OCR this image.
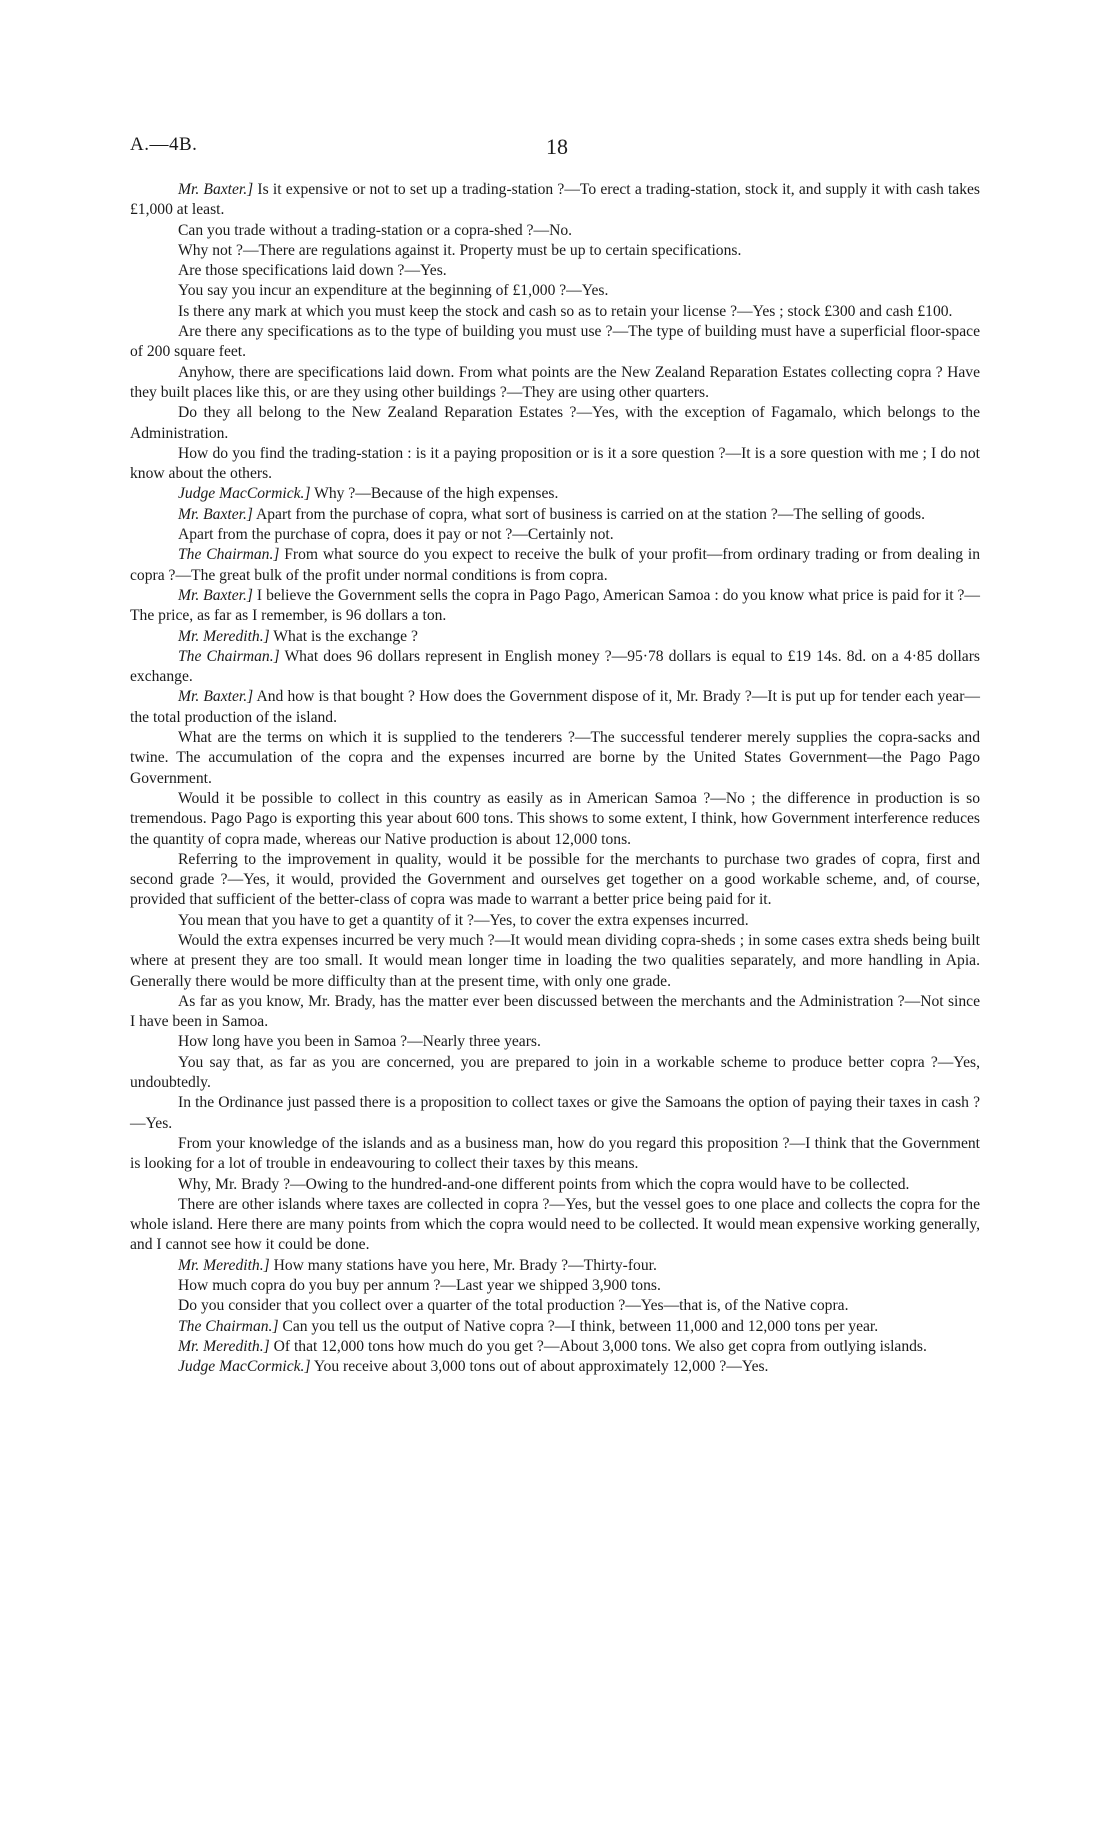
A.—4B.	18

Mr. Baxter.] Is it expensive or not to set up a trading-station ?—To erect a trading-station, stock it, and supply it with cash takes £1,000 at least.

Can you trade without a trading-station or a copra-shed ?—No.

Why not ?—There are regulations against it. Property must be up to certain specifications.

Are those specifications laid down ?—Yes.

You say you incur an expenditure at the beginning of £1,000 ?—Yes.

Is there any mark at which you must keep the stock and cash so as to retain your license ?—Yes ; stock £300 and cash £100.

Are there any specifications as to the type of building you must use ?—The type of building must have a superficial floor-space of 200 square feet.

Anyhow, there are specifications laid down. From what points are the New Zealand Reparation Estates collecting copra ? Have they built places like this, or are they using other buildings ?—They are using other quarters.

Do they all belong to the New Zealand Reparation Estates ?—Yes, with the exception of Fagamalo, which belongs to the Administration.

How do you find the trading-station : is it a paying proposition or is it a sore question ?—It is a sore question with me ; I do not know about the others.

Judge MacCormick.] Why ?—Because of the high expenses.

Mr. Baxter.] Apart from the purchase of copra, what sort of business is carried on at the station ?—The selling of goods.

Apart from the purchase of copra, does it pay or not ?—Certainly not.

The Chairman.] From what source do you expect to receive the bulk of your profit—from ordinary trading or from dealing in copra ?—The great bulk of the profit under normal conditions is from copra.

Mr. Baxter.] I believe the Government sells the copra in Pago Pago, American Samoa : do you know what price is paid for it ?—The price, as far as I remember, is 96 dollars a ton.

Mr. Meredith.] What is the exchange ?

The Chairman.] What does 96 dollars represent in English money ?—95·78 dollars is equal to £19 14s. 8d. on a 4·85 dollars exchange.

Mr. Baxter.] And how is that bought ? How does the Government dispose of it, Mr. Brady ?—It is put up for tender each year—the total production of the island.

What are the terms on which it is supplied to the tenderers ?—The successful tenderer merely supplies the copra-sacks and twine. The accumulation of the copra and the expenses incurred are borne by the United States Government—the Pago Pago Government.

Would it be possible to collect in this country as easily as in American Samoa ?—No ; the difference in production is so tremendous. Pago Pago is exporting this year about 600 tons. This shows to some extent, I think, how Government interference reduces the quantity of copra made, whereas our Native production is about 12,000 tons.

Referring to the improvement in quality, would it be possible for the merchants to purchase two grades of copra, first and second grade ?—Yes, it would, provided the Government and ourselves get together on a good workable scheme, and, of course, provided that sufficient of the better-class of copra was made to warrant a better price being paid for it.

You mean that you have to get a quantity of it ?—Yes, to cover the extra expenses incurred.

Would the extra expenses incurred be very much ?—It would mean dividing copra-sheds ; in some cases extra sheds being built where at present they are too small. It would mean longer time in loading the two qualities separately, and more handling in Apia. Generally there would be more difficulty than at the present time, with only one grade.

As far as you know, Mr. Brady, has the matter ever been discussed between the merchants and the Administration ?—Not since I have been in Samoa.

How long have you been in Samoa ?—Nearly three years.

You say that, as far as you are concerned, you are prepared to join in a workable scheme to produce better copra ?—Yes, undoubtedly.

In the Ordinance just passed there is a proposition to collect taxes or give the Samoans the option of paying their taxes in cash ?—Yes.

From your knowledge of the islands and as a business man, how do you regard this proposition ?—I think that the Government is looking for a lot of trouble in endeavouring to collect their taxes by this means.

Why, Mr. Brady ?—Owing to the hundred-and-one different points from which the copra would have to be collected.

There are other islands where taxes are collected in copra ?—Yes, but the vessel goes to one place and collects the copra for the whole island. Here there are many points from which the copra would need to be collected. It would mean expensive working generally, and I cannot see how it could be done.

Mr. Meredith.] How many stations have you here, Mr. Brady ?—Thirty-four.

How much copra do you buy per annum ?—Last year we shipped 3,900 tons.

Do you consider that you collect over a quarter of the total production ?—Yes—that is, of the Native copra.

The Chairman.] Can you tell us the output of Native copra ?—I think, between 11,000 and 12,000 tons per year.

Mr. Meredith.] Of that 12,000 tons how much do you get ?—About 3,000 tons. We also get copra from outlying islands.

Judge MacCormick.] You receive about 3,000 tons out of about approximately 12,000 ?—Yes.
